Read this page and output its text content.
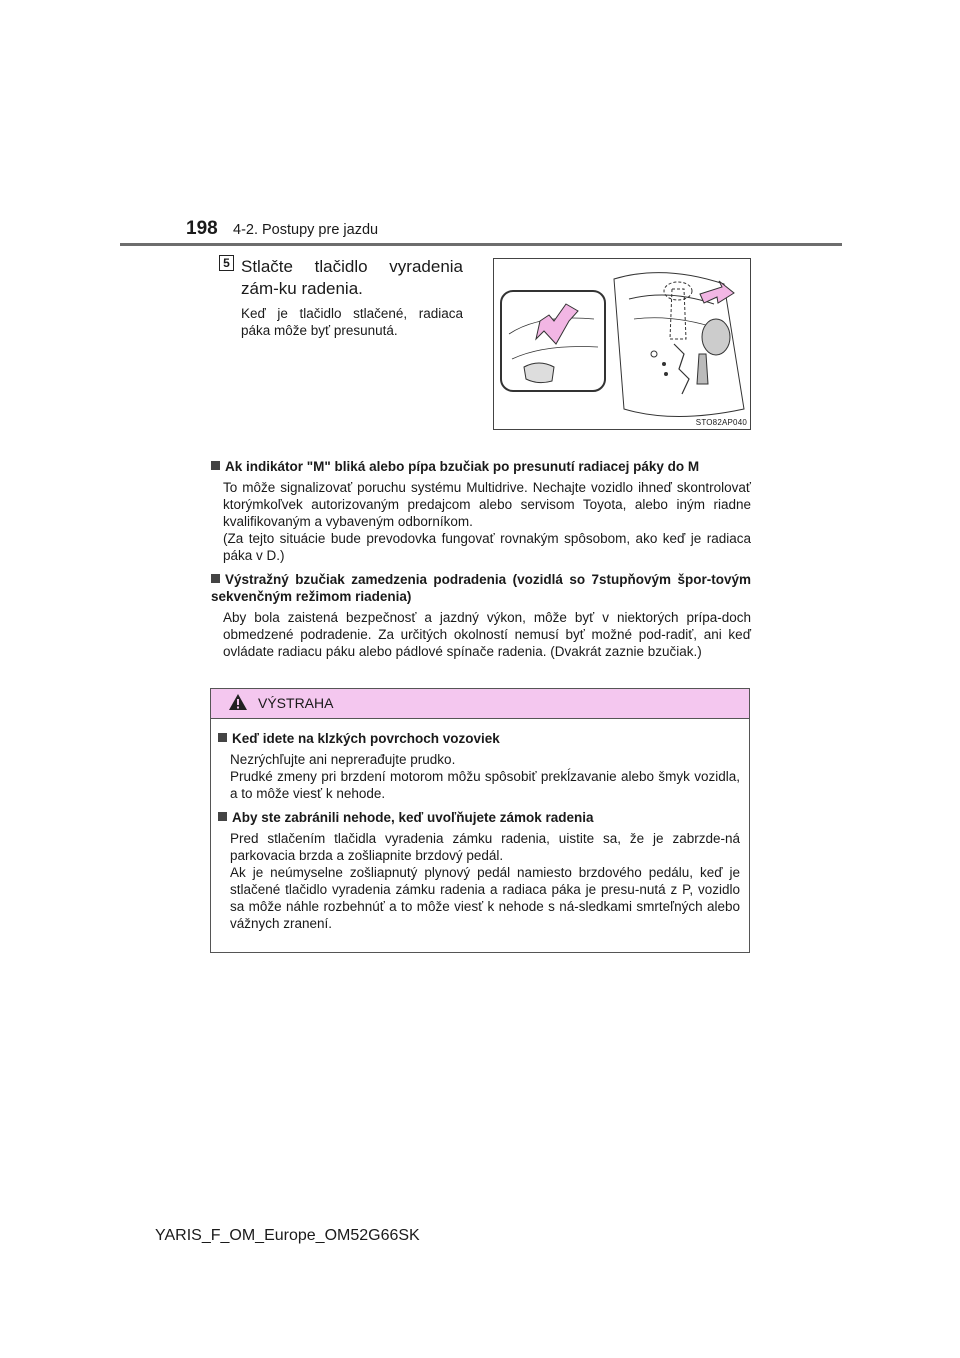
198 4-2. Postupy pre jazdu
5 Stlačte tlačidlo vyradenia zám-ku radenia.
Keď je tlačidlo stlačené, radiaca páka môže byť presunutá.
STO82AP040
Ak indikátor "M" bliká alebo pípa bzučiak po presunutí radiacej páky do M
To môže signalizovať poruchu systému Multidrive. Nechajte vozidlo ihneď skontrolovať ktorýmkoľvek autorizovaným predajcom alebo servisom Toyota, alebo iným riadne kvalifikovaným a vybaveným odborníkom.
(Za tejto situácie bude prevodovka fungovať rovnakým spôsobom, ako keď je radiaca páka v D.)
Výstražný bzučiak zamedzenia podradenia (vozidlá so 7stupňovým špor-tovým sekvenčným režimom riadenia)
Aby bola zaistená bezpečnosť a jazdný výkon, môže byť v niektorých prípa-doch obmedzené podradenie. Za určitých okolností nemusí byť možné pod-radiť, ani keď ovládate radiacu páku alebo pádlové spínače radenia. (Dvakrát zaznie bzučiak.)
VÝSTRAHA
Keď idete na klzkých povrchoch vozoviek
Nezrýchľujte ani neprerađujte prudko.
Prudké zmeny pri brzdení motorom môžu spôsobiť prekĺzavanie alebo šmyk vozidla, a to môže viesť k nehode.
Aby ste zabránili nehode, keď uvoľňujete zámok radenia
Pred stlačením tlačidla vyradenia zámku radenia, uistite sa, že je zabrzde-ná parkovacia brzda a zošliapnite brzdový pedál.
Ak je neúmyselne zošliapnutý plynový pedál namiesto brzdového pedálu, keď je stlačené tlačidlo vyradenia zámku radenia a radiaca páka je presu-nutá z P, vozidlo sa môže náhle rozbehnúť a to môže viesť k nehode s ná-sledkami smrteľných alebo vážnych zranení.
YARIS_F_OM_Europe_OM52G66SK
